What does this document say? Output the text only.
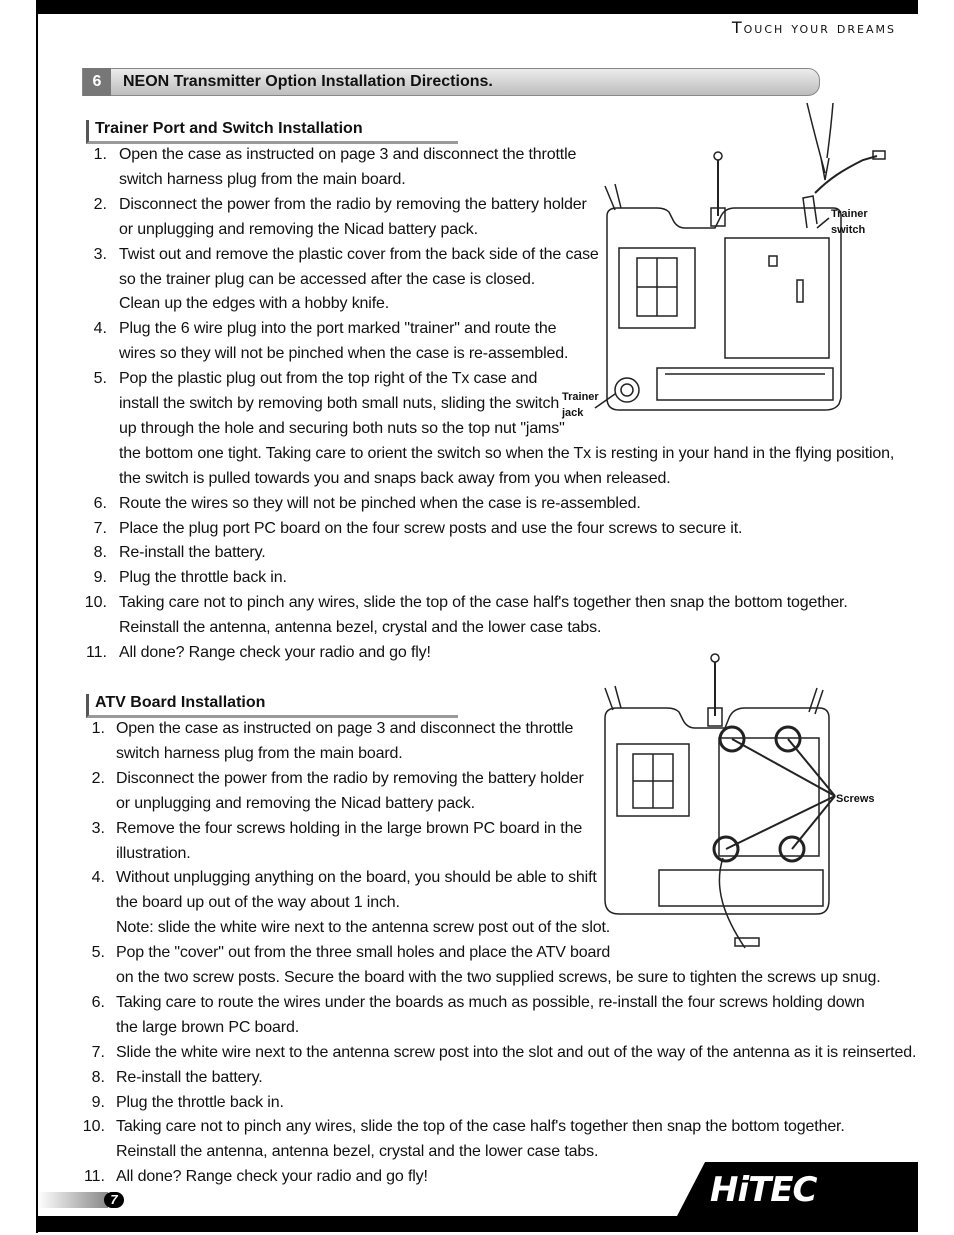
Touch your dreams
6	NEON Transmitter Option Installation Directions.
Trainer Port and Switch Installation
1. Open the case as instructed on page 3 and disconnect the throttle
switch harness plug from the main board.
2. Disconnect the power from the radio by removing the battery holder
or unplugging and removing the Nicad battery pack.
3. Twist out and remove the plastic cover from the back side of the case
so the trainer plug can be accessed after the case is closed.
Clean up the edges with a hobby knife.
4. Plug the 6 wire plug into the port marked "trainer" and route the
wires so they will not be pinched when the case is re-assembled.
5. Pop the plastic plug out from the top right of the Tx case and
install the switch by removing both small nuts, sliding the switch
up through the hole and securing both nuts so the top nut "jams"
the bottom one tight. Taking care to orient the switch so when the Tx is resting in your hand in the flying position,
the switch is pulled towards you and snaps back away from you when released.
6. Route the wires so they will not be pinched when the case is re-assembled.
7. Place the plug port PC board on the four screw posts and use the four screws to secure it.
8. Re-install the battery.
9. Plug the throttle back in.
10. Taking care not to pinch any wires, slide the top of the case half's together then snap the bottom together.
Reinstall the antenna, antenna bezel, crystal and the lower case tabs.
11. All done? Range check your radio and go fly!
ATV Board Installation
1. Open the case as instructed on page 3 and disconnect the throttle
switch harness plug from the main board.
2. Disconnect the power from the radio by removing the battery holder
or unplugging and removing the Nicad battery pack.
3. Remove the four screws holding in the large brown PC board in the
illustration.
4. Without unplugging anything on the board, you should be able to shift
the board up out of the way about 1 inch.
Note: slide the white wire next to the antenna screw post out of the slot.
5. Pop the "cover" out from the three small holes and place the ATV board
on the two screw posts. Secure the board with the two supplied screws, be sure to tighten the screws up snug.
6. Taking care to route the wires under the boards as much as possible, re-install the four screws holding down
the large brown PC board.
7. Slide the white wire next to the antenna screw post into the slot and out of the way of the antenna as it is reinserted.
8. Re-install the battery.
9. Plug the throttle back in.
10. Taking care not to pinch any wires, slide the top of the case half's together then snap the bottom together.
Reinstall the antenna, antenna bezel, crystal and the lower case tabs.
11. All done? Range check your radio and go fly!
Trainer
switch
Trainer
jack
Screws
7	HiTEC
